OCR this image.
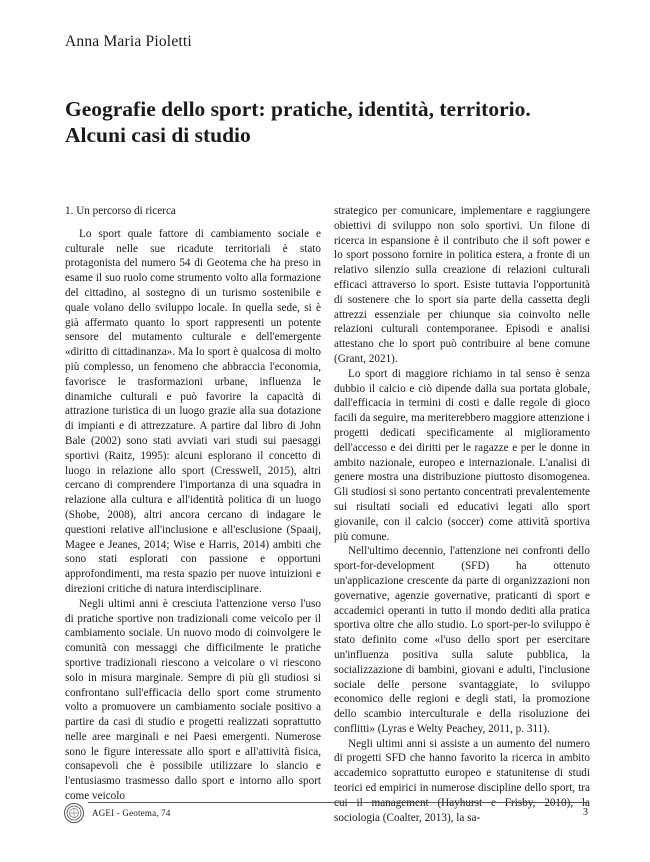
Anna Maria Pioletti
Geografie dello sport: pratiche, identità, territorio. Alcuni casi di studio
1. Un percorso di ricerca

Lo sport quale fattore di cambiamento sociale e culturale nelle sue ricadute territoriali è stato protagonista del numero 54 di Geotema che ha preso in esame il suo ruolo come strumento volto alla formazione del cittadino, al sostegno di un turismo sostenibile e quale volano dello sviluppo locale. In quella sede, si è già affermato quanto lo sport rappresenti un potente sensore del mutamento culturale e dell'emergente «diritto di cittadinanza». Ma lo sport è qualcosa di molto più complesso, un fenomeno che abbraccia l'economia, favorisce le trasformazioni urbane, influenza le dinamiche culturali e può favorire la capacità di attrazione turistica di un luogo grazie alla sua dotazione di impianti e di attrezzature. A partire dal libro di John Bale (2002) sono stati avviati vari studi sui paesaggi sportivi (Raitz, 1995): alcuni esplorano il concetto di luogo in relazione allo sport (Cresswell, 2015), altri cercano di comprendere l'importanza di una squadra in relazione alla cultura e all'identità politica di un luogo (Shobe, 2008), altri ancora cercano di indagare le questioni relative all'inclusione e all'esclusione (Spaaij, Magee e Jeanes, 2014; Wise e Harris, 2014) ambiti che sono stati esplorati con passione e opportuni approfondimenti, ma resta spazio per nuove intuizioni e direzioni critiche di natura interdisciplinare.

Negli ultimi anni è cresciuta l'attenzione verso l'uso di pratiche sportive non tradizionali come veicolo per il cambiamento sociale. Un nuovo modo di coinvolgere le comunità con messaggi che difficilmente le pratiche sportive tradizionali riescono a veicolare o vi riescono solo in misura marginale. Sempre di più gli studiosi si confrontano sull'efficacia dello sport come strumento volto a promuovere un cambiamento sociale positivo a partire da casi di studio e progetti realizzati soprattutto nelle aree marginali e nei Paesi emergenti. Numerose sono le figure interessate allo sport e all'attività fisica, consapevoli che è possibile utilizzare lo slancio e l'entusiasmo trasmesso dallo sport e intorno allo sport come veicolo

strategico per comunicare, implementare e raggiungere obiettivi di sviluppo non solo sportivi. Un filone di ricerca in espansione è il contributo che il soft power e lo sport possono fornire in politica estera, a fronte di un relativo silenzio sulla creazione di relazioni culturali efficaci attraverso lo sport. Esiste tuttavia l'opportunità di sostenere che lo sport sia parte della cassetta degli attrezzi essenziale per chiunque sia coinvolto nelle relazioni culturali contemporanee. Episodi e analisi attestano che lo sport può contribuire al bene comune (Grant, 2021).

Lo sport di maggiore richiamo in tal senso è senza dubbio il calcio e ciò dipende dalla sua portata globale, dall'efficacia in termini di costi e dalle regole di gioco facili da seguire, ma meriterebbero maggiore attenzione i progetti dedicati specificamente al miglioramento dell'accesso e dei diritti per le ragazze e per le donne in ambito nazionale, europeo e internazionale. L'analisi di genere mostra una distribuzione piuttosto disomogenea. Gli studiosi si sono pertanto concentrati prevalentemente sui risultati sociali ed educativi legati allo sport giovanile, con il calcio (soccer) come attività sportiva più comune.

Nell'ultimo decennio, l'attenzione nei confronti dello sport-for-development (SFD) ha ottenuto un'applicazione crescente da parte di organizzazioni non governative, agenzie governative, praticanti di sport e accademici operanti in tutto il mondo dediti alla pratica sportiva oltre che allo studio. Lo sport-per-lo sviluppo è stato definito come «l'uso dello sport per esercitare un'influenza positiva sulla salute pubblica, la socializzazione di bambini, giovani e adulti, l'inclusione sociale delle persone svantaggiate, lo sviluppo economico delle regioni e degli stati, la promozione dello scambio interculturale e della risoluzione dei conflitti» (Lyras e Welty Peachey, 2011, p. 311).

Negli ultimi anni si assiste a un aumento del numero di progetti SFD che hanno favorito la ricerca in ambito accademico soprattutto europeo e statunitense di studi teorici ed empirici in numerose discipline dello sport, tra cui il management (Hayhurst e Frisby, 2010), la sociologia (Coalter, 2013), la sa-

AGEI - Geotema, 74	3
